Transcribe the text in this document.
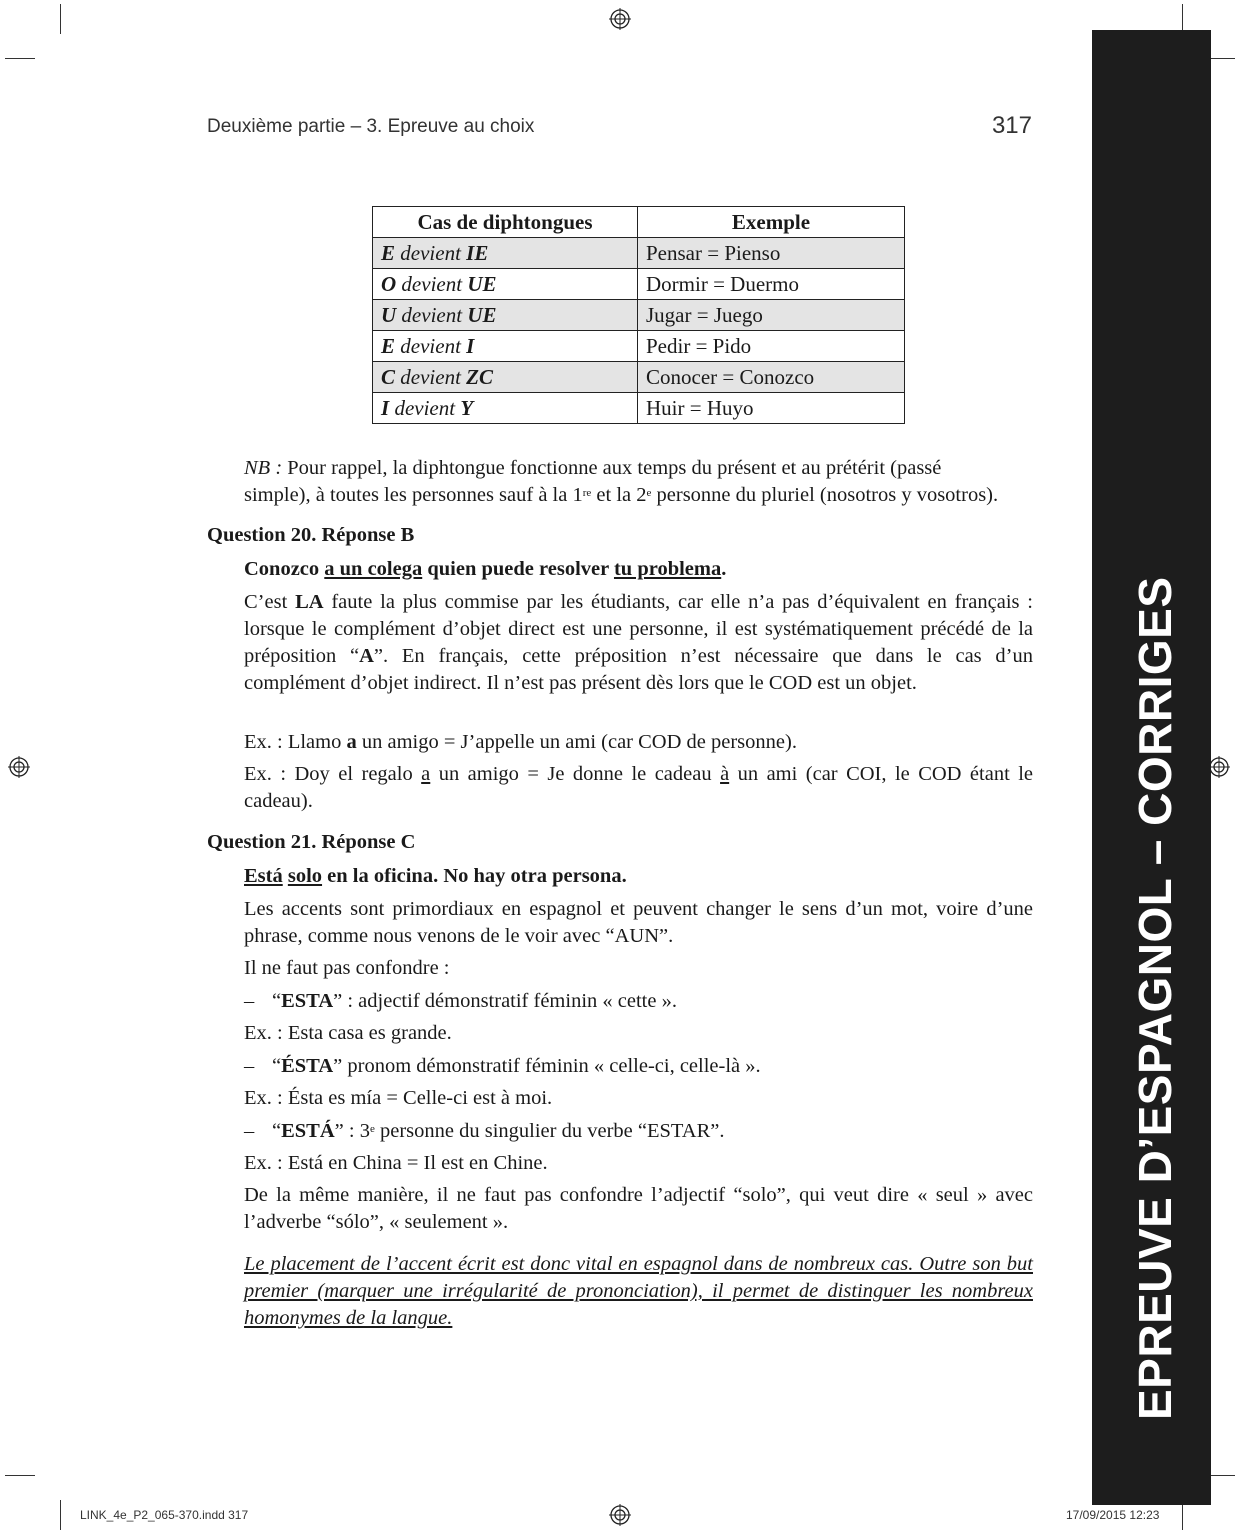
EPREUVE D’ESPAGNOL – CORRIGES
Deuxième partie – 3. Epreuve au choix	317
Cas de diphtongues	Exemple
E devient IE	Pensar = Pienso
O devient UE	Dormir = Duermo
U devient UE	Jugar = Juego
E devient I	Pedir = Pido
C devient ZC	Conocer = Conozco
I devient Y	Huir = Huyo
NB : Pour rappel, la diphtongue fonctionne aux temps du présent et au prétérit (passé
simple), à toutes les personnes sauf à la 1re et la 2e personne du pluriel (nosotros y vosotros).
Question 20. Réponse B
Conozco a un colega quien puede resolver tu problema.
C’est LA faute la plus commise par les étudiants, car elle n’a pas d’équivalent en français : lorsque le complément d’objet direct est une personne, il est systématiquement précédé de la préposition “A”. En français, cette préposition n’est nécessaire que dans le cas d’un complément d’objet indirect. Il n’est pas présent dès lors que le COD est un objet.
Ex. : Llamo a un amigo = J’appelle un ami (car COD de personne).
Ex. : Doy el regalo a un amigo = Je donne le cadeau à un ami (car COI, le COD étant le cadeau).
Question 21. Réponse C
Está solo en la oficina. No hay otra persona.
Les accents sont primordiaux en espagnol et peuvent changer le sens d’un mot, voire d’une phrase, comme nous venons de le voir avec “AUN”.
Il ne faut pas confondre :
– “ESTA” : adjectif démonstratif féminin « cette ».
Ex. : Esta casa es grande.
– “ÉSTA” pronom démonstratif féminin « celle-ci, celle-là ».
Ex. : Ésta es mía = Celle-ci est à moi.
– “ESTÁ” : 3e personne du singulier du verbe “ESTAR”.
Ex. : Está en China = Il est en Chine.
De la même manière, il ne faut pas confondre l’adjectif “solo”, qui veut dire « seul » avec l’adverbe “sólo”, « seulement ».
Le placement de l’accent écrit est donc vital en espagnol dans de nombreux cas. Outre son but premier (marquer une irrégularité de prononciation), il permet de distinguer les nombreux homonymes de la langue.
LINK_4e_P2_065-370.indd 317	17/09/2015 12:23
